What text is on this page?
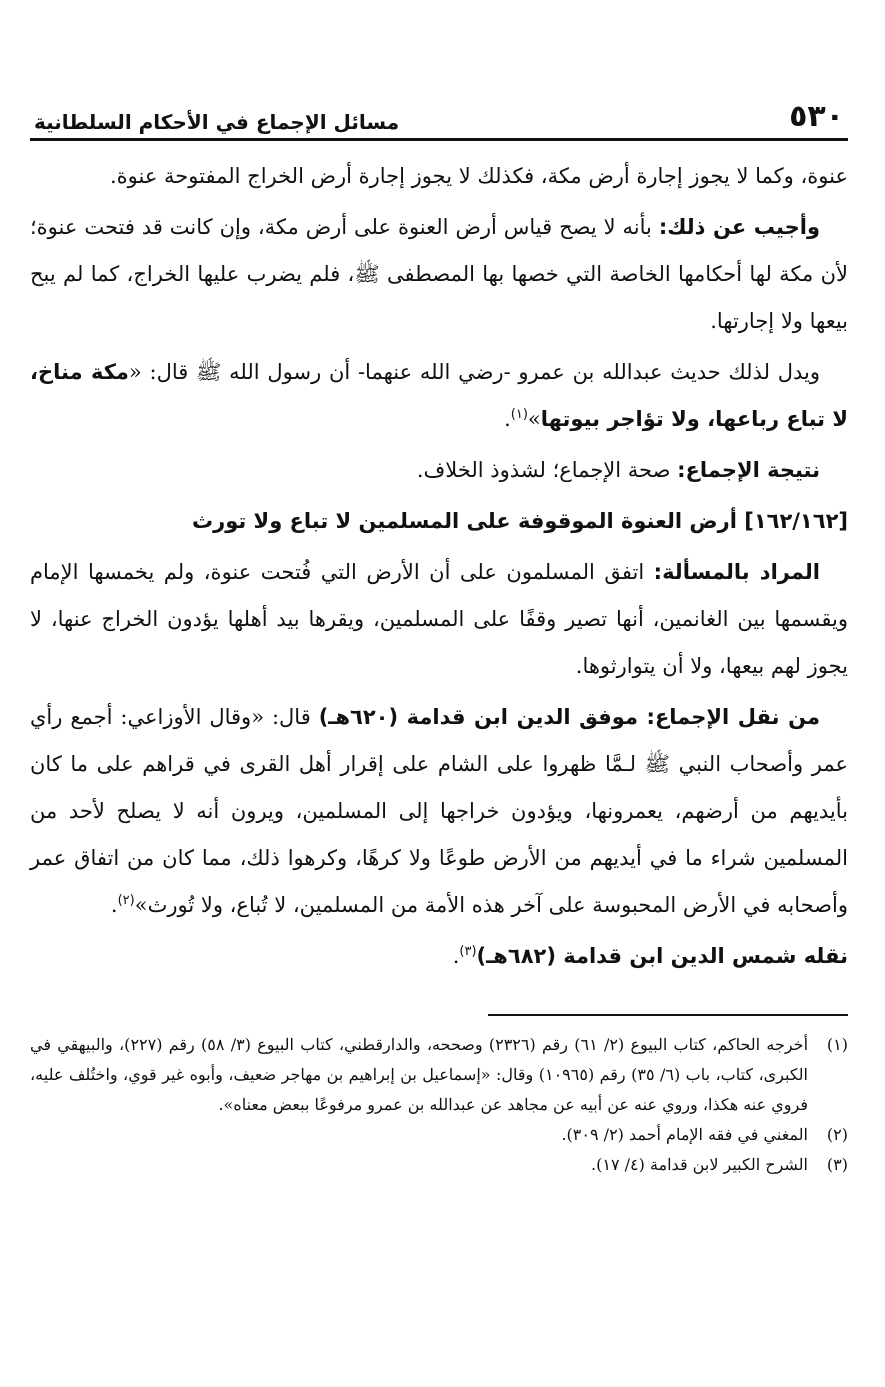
٥٣٠
مسائل الإجماع في الأحكام السلطانية

عنوة، وكما لا يجوز إجارة أرض مكة، فكذلك لا يجوز إجارة أرض الخراج المفتوحة عنوة.

وأجيب عن ذلك: بأنه لا يصح قياس أرض العنوة على أرض مكة، وإن كانت قد فتحت عنوة؛ لأن مكة لها أحكامها الخاصة التي خصها بها المصطفى ﷺ، فلم يضرب عليها الخراج، كما لم يبح بيعها ولا إجارتها.

ويدل لذلك حديث عبدالله بن عمرو -رضي الله عنهما- أن رسول الله ﷺ قال: «مكة مناخ، لا تباع رباعها، ولا تؤاجر بيوتها»$^{(١)}$.

نتيجة الإجماع: صحة الإجماع؛ لشذوذ الخلاف.

[١٦٢/١٦٢] أرض العنوة الموقوفة على المسلمين لا تباع ولا تورث

المراد بالمسألة: اتفق المسلمون على أن الأرض التي فُتحت عنوة، ولم يخمسها الإمام ويقسمها بين الغانمين، أنها تصير وقفًا على المسلمين، ويقرها بيد أهلها يؤدون الخراج عنها، لا يجوز لهم بيعها، ولا أن يتوارثوها.

من نقل الإجماع: موفق الدين ابن قدامة (٦٢٠هـ) قال: «وقال الأوزاعي: أجمع رأي عمر وأصحاب النبي ﷺ لـمَّا ظهروا على الشام على إقرار أهل القرى في قراهم على ما كان بأيديهم من أرضهم، يعمرونها، ويؤدون خراجها إلى المسلمين، ويرون أنه لا يصلح لأحد من المسلمين شراء ما في أيديهم من الأرض طوعًا ولا كرهًا، وكرهوا ذلك، مما كان من اتفاق عمر وأصحابه في الأرض المحبوسة على آخر هذه الأمة من المسلمين، لا تُباع، ولا تُورث»$^{(٢)}$.

نقله شمس الدين ابن قدامة (٦٨٢هـ)$^{(٣)}$.

(١)
أخرجه الحاكم، كتاب البيوع (٢/ ٦١) رقم (٢٣٢٦) وصححه، والدارقطني، كتاب البيوع (٣/ ٥٨) رقم (٢٢٧)، والبيهقي في الكبرى، كتاب، باب (٦/ ٣٥) رقم (١٠٩٦٥) وقال: «إسماعيل بن إبراهيم بن مهاجر ضعيف، وأبوه غير قوي، واختُلف عليه، فروي عنه هكذا، وروي عنه عن أبيه عن مجاهد عن عبدالله بن عمرو مرفوعًا ببعض معناه».

(٢)
المغني في فقه الإمام أحمد (٢/ ٣٠٩).

(٣)
الشرح الكبير لابن قدامة (٤/ ١٧).
